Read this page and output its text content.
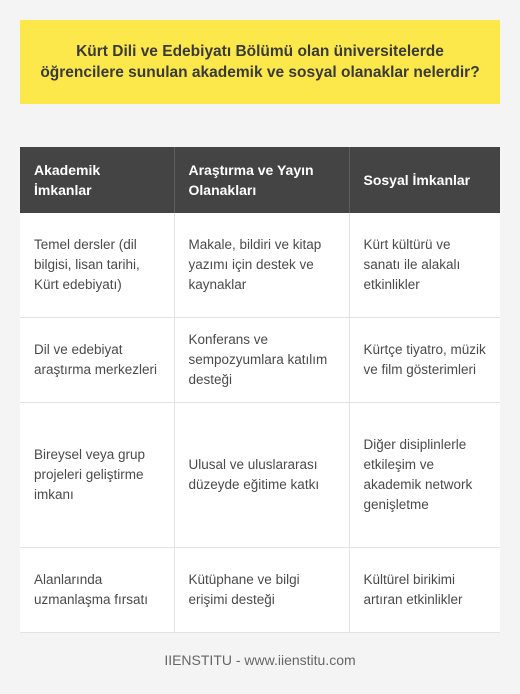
Kürt Dili ve Edebiyatı Bölümü olan üniversitelerde öğrencilere sunulan akademik ve sosyal olanaklar nelerdir?
Akademik İmkanlar	Araştırma ve Yayın Olanakları	Sosyal İmkanlar
Temel dersler (dil bilgisi, lisan tarihi, Kürt edebiyatı)	Makale, bildiri ve kitap yazımı için destek ve kaynaklar	Kürt kültürü ve sanatı ile alakalı etkinlikler
Dil ve edebiyat araştırma merkezleri	Konferans ve sempozyumlara katılım desteği	Kürtçe tiyatro, müzik ve film gösterimleri
Bireysel veya grup projeleri geliştirme imkanı	Ulusal ve uluslararası düzeyde eğitime katkı	Diğer disiplinlerle etkileşim ve akademik network genişletme
Alanlarında uzmanlaşma fırsatı	Kütüphane ve bilgi erişimi desteği	Kültürel birikimi artıran etkinlikler
IIENSTITU - www.iienstitu.com
